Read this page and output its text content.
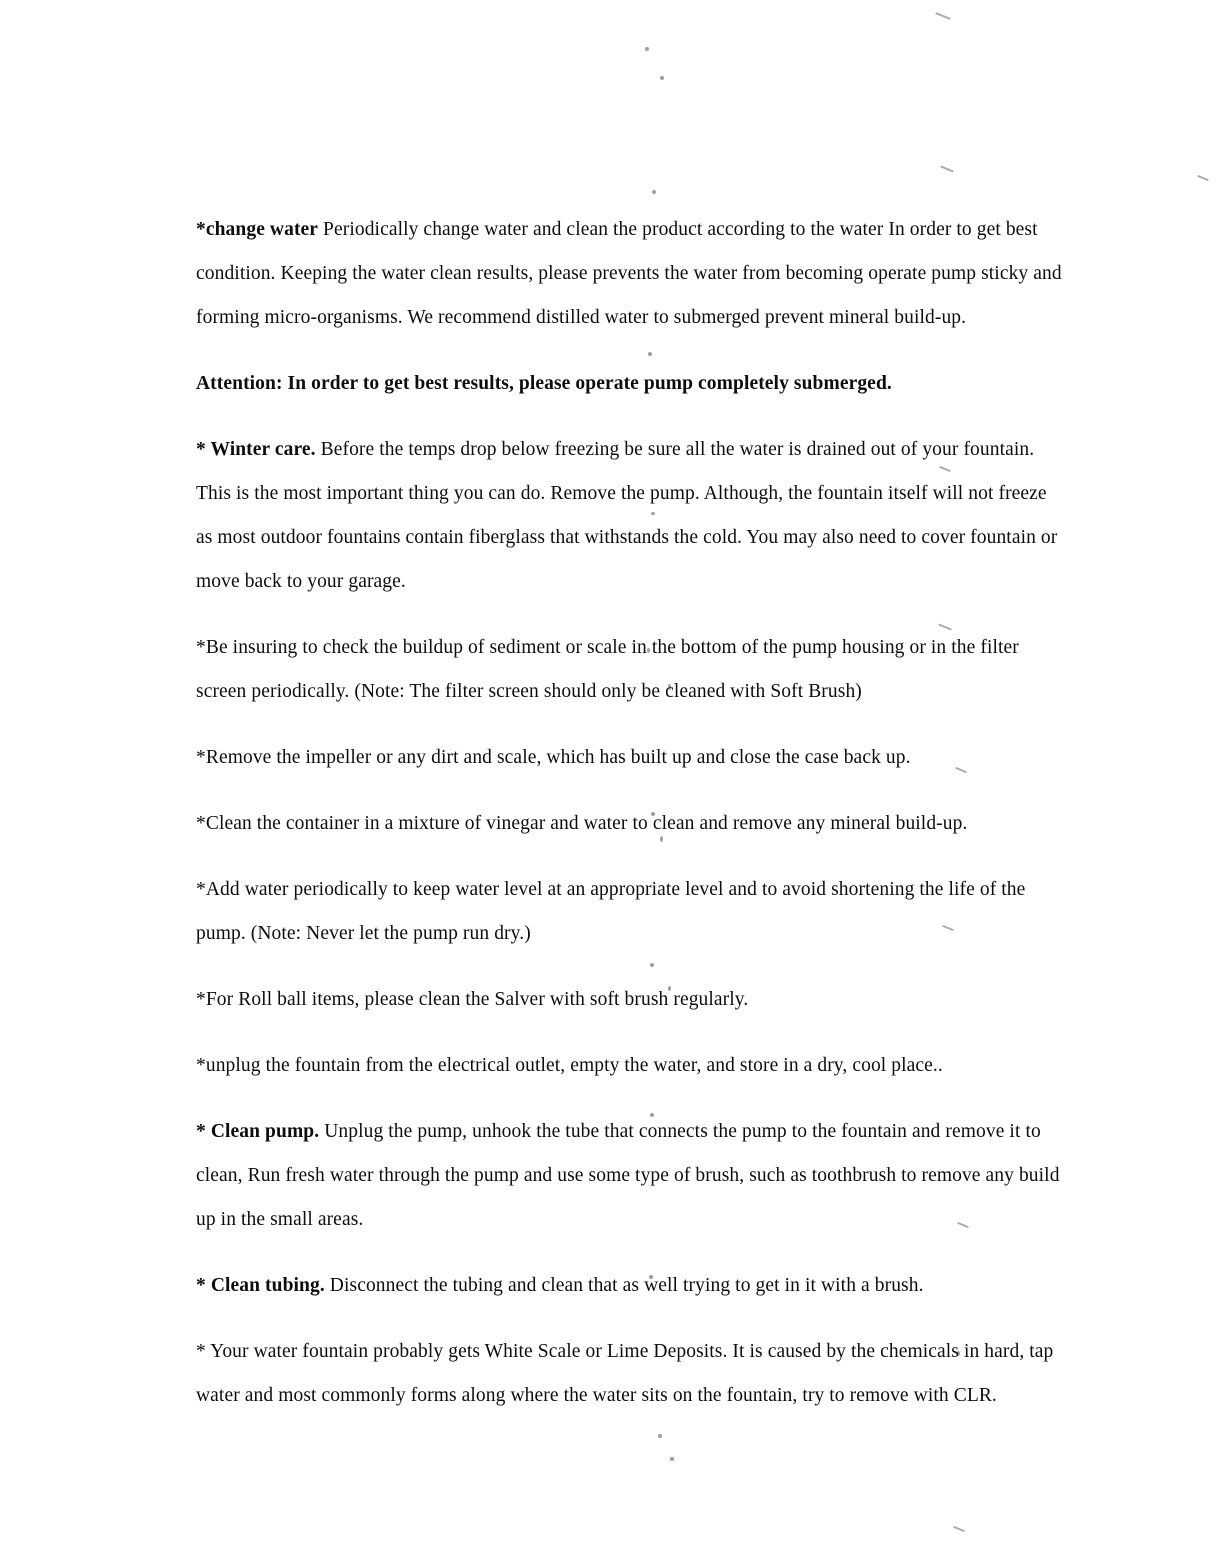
*change water Periodically change water and clean the product according to the water In order to get best condition. Keeping the water clean results, please prevents the water from becoming operate pump sticky and forming micro-organisms. We recommend distilled water to submerged prevent mineral build-up.

Attention: In order to get best results, please operate pump completely submerged.

* Winter care. Before the temps drop below freezing be sure all the water is drained out of your fountain. This is the most important thing you can do. Remove the pump. Although, the fountain itself will not freeze as most outdoor fountains contain fiberglass that withstands the cold. You may also need to cover fountain or move back to your garage.

*Be insuring to check the buildup of sediment or scale in the bottom of the pump housing or in the filter screen periodically. (Note: The filter screen should only be cleaned with Soft Brush)

*Remove the impeller or any dirt and scale, which has built up and close the case back up.

*Clean the container in a mixture of vinegar and water to clean and remove any mineral build-up.

*Add water periodically to keep water level at an appropriate level and to avoid shortening the life of the pump. (Note: Never let the pump run dry.)

*For Roll ball items, please clean the Salver with soft brush regularly.

*unplug the fountain from the electrical outlet, empty the water, and store in a dry, cool place..

* Clean pump. Unplug the pump, unhook the tube that connects the pump to the fountain and remove it to clean, Run fresh water through the pump and use some type of brush, such as toothbrush to remove any build up in the small areas.

* Clean tubing. Disconnect the tubing and clean that as well trying to get in it with a brush.

* Your water fountain probably gets White Scale or Lime Deposits. It is caused by the chemicals in hard, tap water and most commonly forms along where the water sits on the fountain, try to remove with CLR.
